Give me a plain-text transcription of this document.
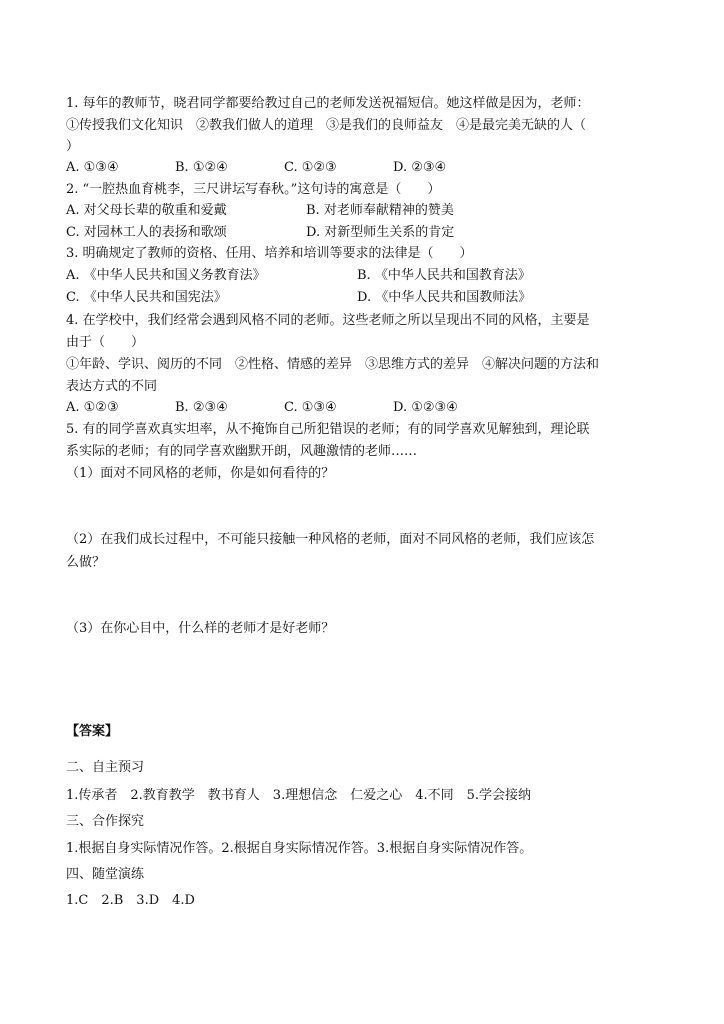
1. 每年的教师节，晓君同学都要给教过自己的老师发送祝福短信。她这样做是因为，老师：
①传授我们文化知识　②教我们做人的道理　③是我们的良师益友　④是最完美无缺的人（
）
A. ①③④	B. ①②④	C. ①②③	D. ②③④
2. “一腔热血育桃李，三尺讲坛写春秋。”这句诗的寓意是（　　）
A. 对父母长辈的敬重和爱戴	B. 对老师奉献精神的赞美
C. 对园林工人的表扬和歌颂	D. 对新型师生关系的肯定
3. 明确规定了教师的资格、任用、培养和培训等要求的法律是（　　）
A. 《中华人民共和国义务教育法》	B. 《中华人民共和国教育法》
C. 《中华人民共和国宪法》	D. 《中华人民共和国教师法》
4. 在学校中，我们经常会遇到风格不同的老师。这些老师之所以呈现出不同的风格，主要是
由于（　　）
①年龄、学识、阅历的不同　②性格、情感的差异　③思维方式的差异　④解决问题的方法和
表达方式的不同
A. ①②③	B. ②③④	C. ①③④	D. ①②③④
5. 有的同学喜欢真实坦率，从不掩饰自己所犯错误的老师；有的同学喜欢见解独到，理论联
系实际的老师；有的同学喜欢幽默开朗，风趣激情的老师……
（1）面对不同风格的老师，你是如何看待的？
（2）在我们成长过程中，不可能只接触一种风格的老师，面对不同风格的老师，我们应该怎
么做？
（3）在你心目中，什么样的老师才是好老师？
【答案】
二、自主预习
1.传承者　2.教育教学　教书育人　3.理想信念　仁爱之心　4.不同　5.学会接纳
三、合作探究
1.根据自身实际情况作答。2.根据自身实际情况作答。3.根据自身实际情况作答。
四、随堂演练
1.C　2.B　3.D　4.D
